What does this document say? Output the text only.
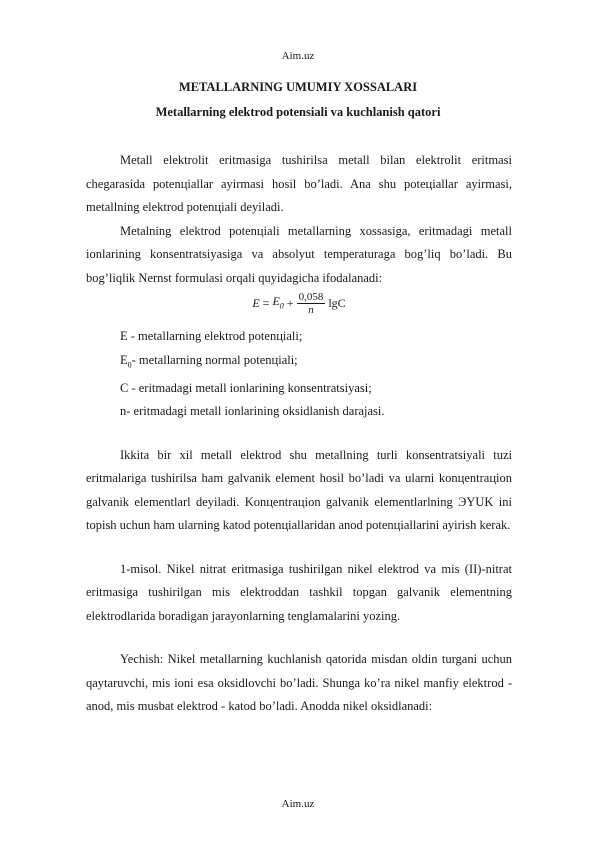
Aim.uz
METALLARNING UMUMIY XOSSALARI
Metallarning elektrod potensiali va kuchlanish qatori

Metall elektrolit eritmasiga tushirilsa metall bilan elektrolit eritmasi chegarasida potenцiallar ayirmasi hosil bo’ladi. Ana shu poteцiallar ayirmasi, metallning elektrod potenцiali deyiladi.

Metalning elektrod potenцiali metallarning xossasiga, eritmadagi metall ionlarining konsentratsiyasiga va absolyut temperaturaga bog’liq bo’ladi. Bu bog’liqlik Nernst formulasi orqali quyidagicha ifodalanadi:

$E = E_0 + \frac{0,058}{n}$ lgC

E - metallarning elektrod potenцiali;

$E_0-$ metallarning normal potenцiali;

C - eritmadagi metall ionlarining konsentratsiyasi;

n- eritmadagi metall ionlarining oksidlanish darajasi.

Ikkita bir xil metall elektrod shu metallning turli konsentratsiyali tuzi eritmalariga tushirilsa ham galvanik element hosil bo’ladi va ularni konцentraцion galvanik elementlarl deyiladi. Konцentraцion galvanik elementlarlning ЭYUK ini topish uchun ham ularning katod potenцiallaridan anod potenцiallarini ayirish kerak.

1-misol. Nikel nitrat eritmasiga tushirilgan nikel elektrod va mis (II)-nitrat eritmasiga tushirilgan mis elektroddan tashkil topgan galvanik elementning elektrodlarida boradigan jarayonlarning tenglamalarini yozing.

Yechish: Nikel metallarning kuchlanish qatorida misdan oldin turgani uchun qaytaruvchi, mis ioni esa oksidlovchi bo’ladi. Shunga ko’ra nikel manfiy elektrod - anod, mis musbat elektrod - katod bo’ladi. Anodda nikel oksidlanadi:

Aim.uz
